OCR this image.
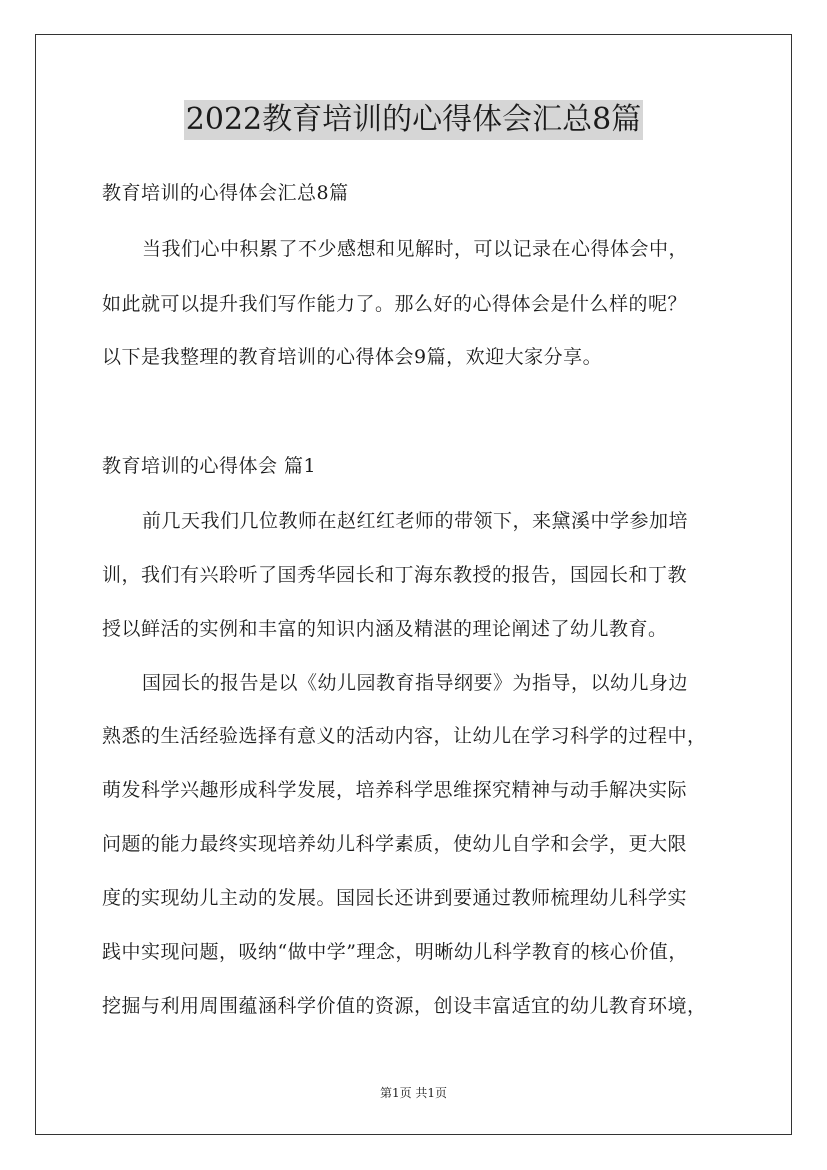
2022教育培训的心得体会汇总8篇
教育培训的心得体会汇总8篇
当我们心中积累了不少感想和见解时，可以记录在心得体会中，
如此就可以提升我们写作能力了。那么好的心得体会是什么样的呢？
以下是我整理的教育培训的心得体会9篇，欢迎大家分享。
教育培训的心得体会 篇1
前几天我们几位教师在赵红红老师的带领下，来黛溪中学参加培
训，我们有兴聆听了国秀华园长和丁海东教授的报告，国园长和丁教
授以鲜活的实例和丰富的知识内涵及精湛的理论阐述了幼儿教育。
国园长的报告是以《幼儿园教育指导纲要》为指导，以幼儿身边
熟悉的生活经验选择有意义的活动内容，让幼儿在学习科学的过程中，
萌发科学兴趣形成科学发展，培养科学思维探究精神与动手解决实际
问题的能力最终实现培养幼儿科学素质，使幼儿自学和会学，更大限
度的实现幼儿主动的发展。国园长还讲到要通过教师梳理幼儿科学实
践中实现问题，吸纳“做中学”理念，明晰幼儿科学教育的核心价值，
挖掘与利用周围蕴涵科学价值的资源，创设丰富适宜的幼儿教育环境，
第1页 共1页
